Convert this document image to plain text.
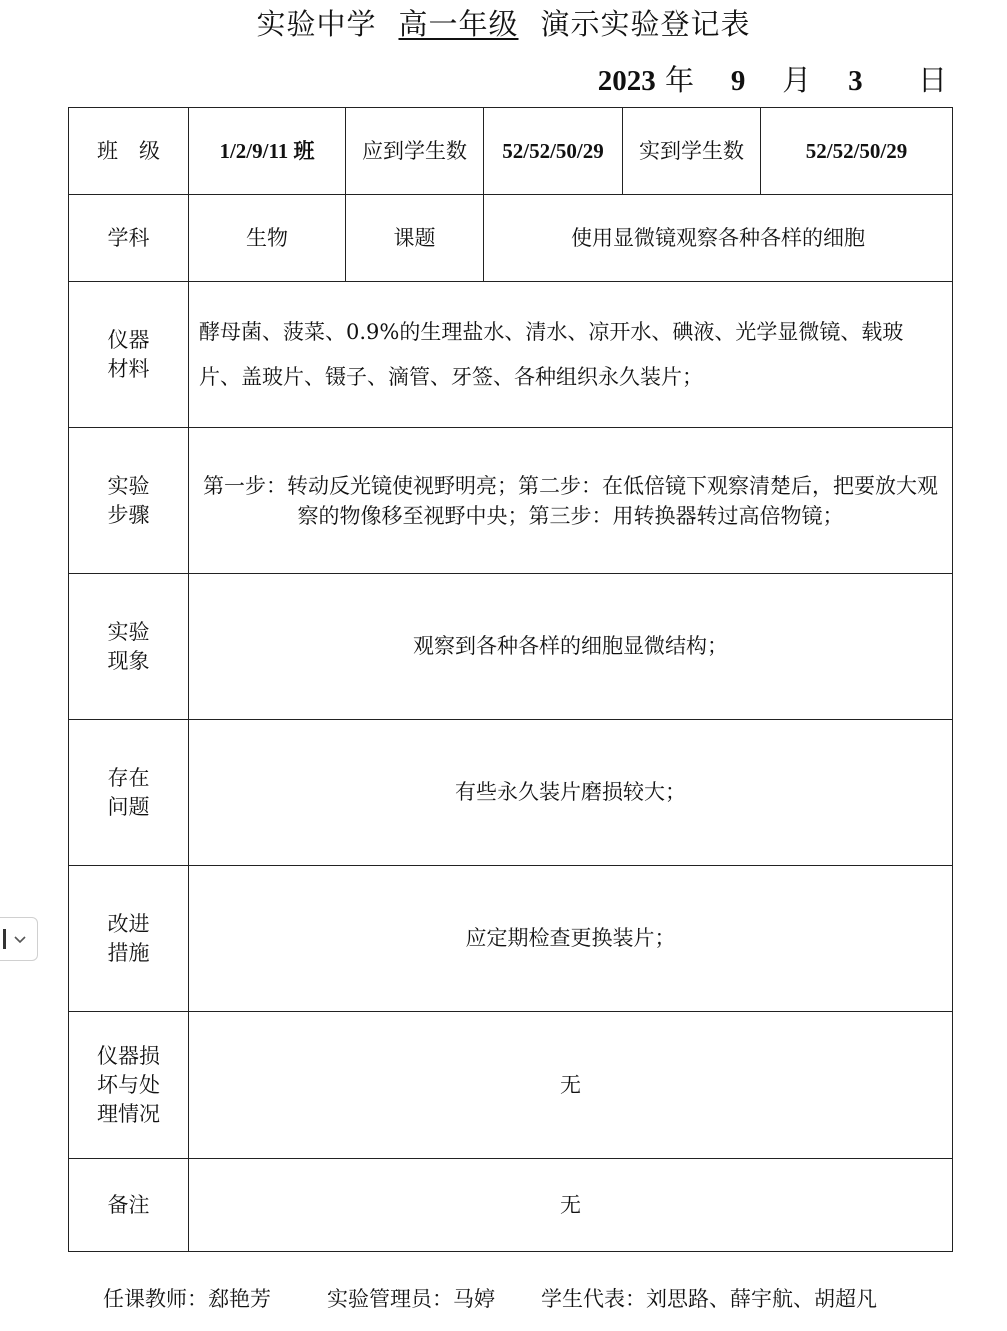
实验中学 高一年级 演示实验登记表
2023 年 9 月 3 日
班　级	1/2/9/11 班	应到学生数	52/52/50/29	实到学生数	52/52/50/29
学科	生物	课题	使用显微镜观察各种各样的细胞		
仪器材料	酵母菌、菠菜、0.9%的生理盐水、清水、凉开水、碘液、光学显微镜、载玻片、盖玻片、镊子、滴管、牙签、各种组织永久装片；				
实验步骤	第一步：转动反光镜使视野明亮；第二步：在低倍镜下观察清楚后，把要放大观察的物像移至视野中央；第三步：用转换器转过高倍物镜；				
实验现象	观察到各种各样的细胞显微结构；				
存在问题	有些永久装片磨损较大；				
改进措施	应定期检查更换装片；				
仪器损坏与处理情况	无				
备注	无				
任课教师：郄艳芳	实验管理员：马婷 学生代表：刘思路、薛宇航、胡超凡
